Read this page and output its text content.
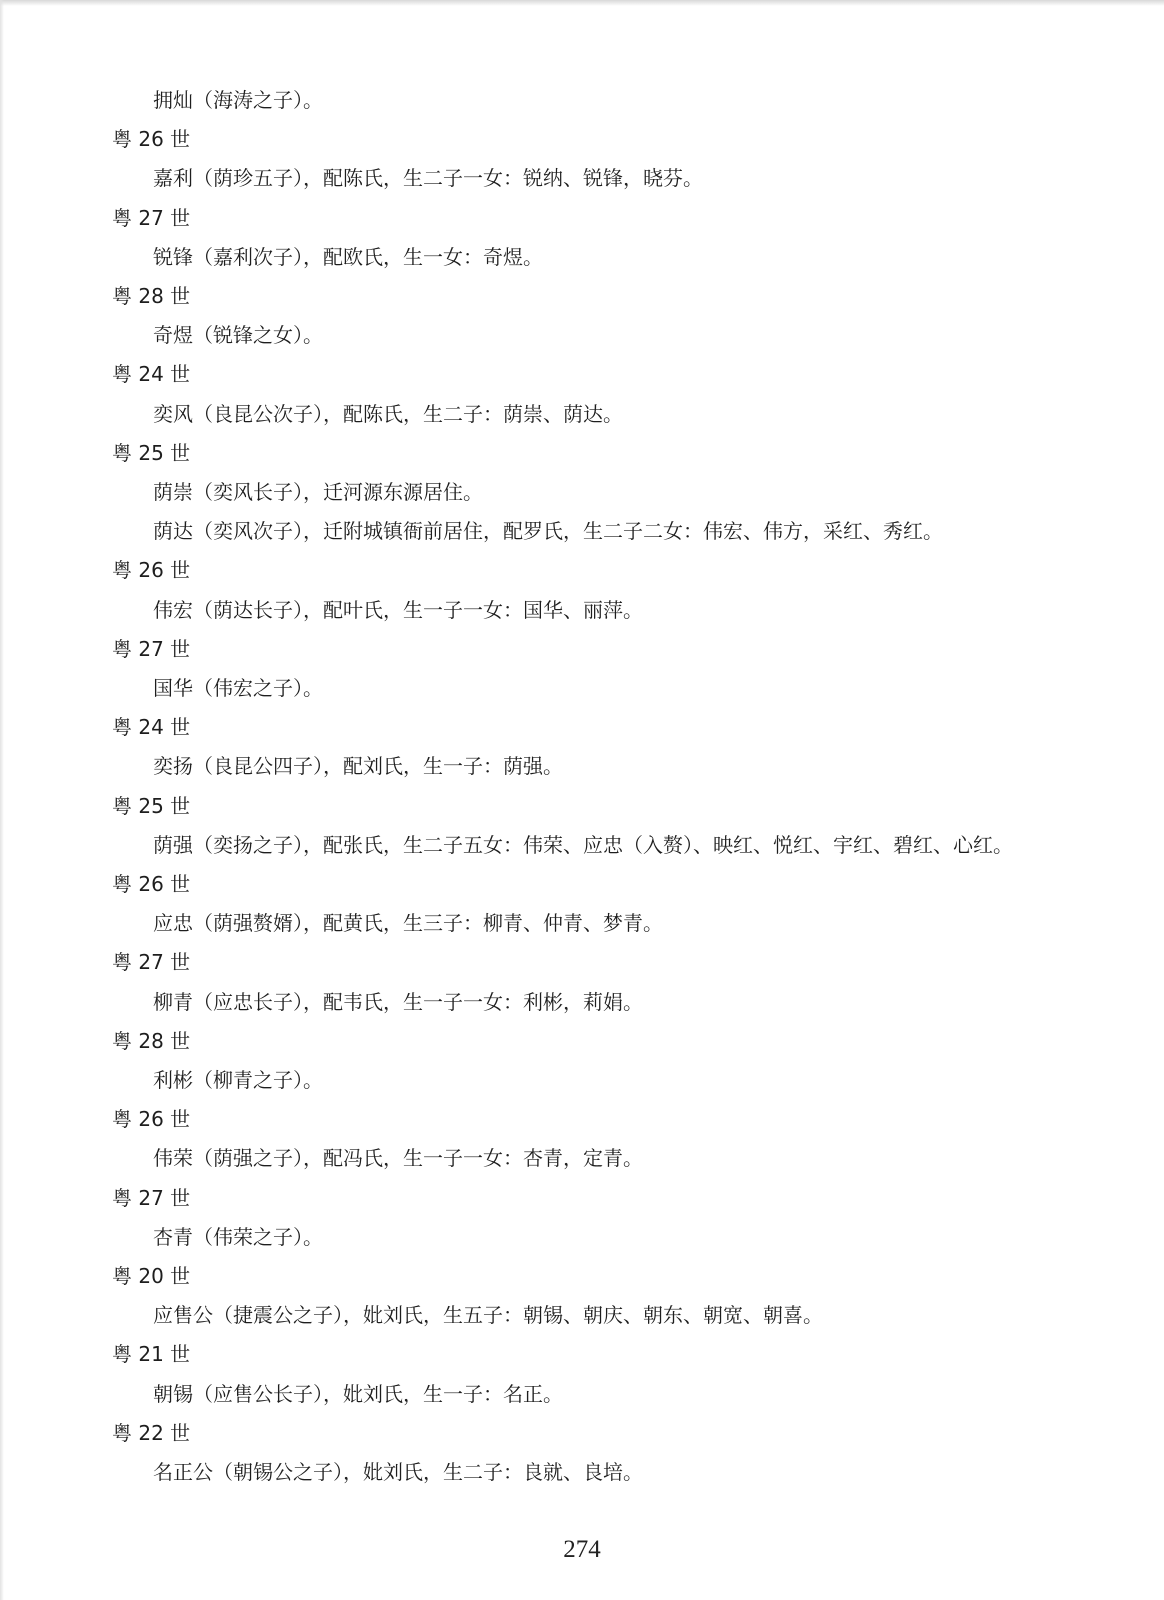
拥灿（海涛之子）。
粤 26 世
嘉利（荫珍五子），配陈氏，生二子一女：锐纳、锐锋，晓芬。
粤 27 世
锐锋（嘉利次子），配欧氏，生一女：奇煜。
粤 28 世
奇煜（锐锋之女）。
粤 24 世
奕风（良昆公次子），配陈氏，生二子：荫崇、荫达。
粤 25 世
荫崇（奕风长子），迁河源东源居住。
荫达（奕风次子），迁附城镇衙前居住，配罗氏，生二子二女：伟宏、伟方，采红、秀红。
粤 26 世
伟宏（荫达长子），配叶氏，生一子一女：国华、丽萍。
粤 27 世
国华（伟宏之子）。
粤 24 世
奕扬（良昆公四子），配刘氏，生一子：荫强。
粤 25 世
荫强（奕扬之子），配张氏，生二子五女：伟荣、应忠（入赘）、映红、悦红、宇红、碧红、心红。
粤 26 世
应忠（荫强赘婿），配黄氏，生三子：柳青、仲青、梦青。
粤 27 世
柳青（应忠长子），配韦氏，生一子一女：利彬，莉娟。
粤 28 世
利彬（柳青之子）。
粤 26 世
伟荣（荫强之子），配冯氏，生一子一女：杏青，定青。
粤 27 世
杏青（伟荣之子）。
粤 20 世
应售公（捷震公之子），妣刘氏，生五子：朝锡、朝庆、朝东、朝宽、朝喜。
粤 21 世
朝锡（应售公长子），妣刘氏，生一子：名正。
粤 22 世
名正公（朝锡公之子），妣刘氏，生二子：良就、良培。
274
